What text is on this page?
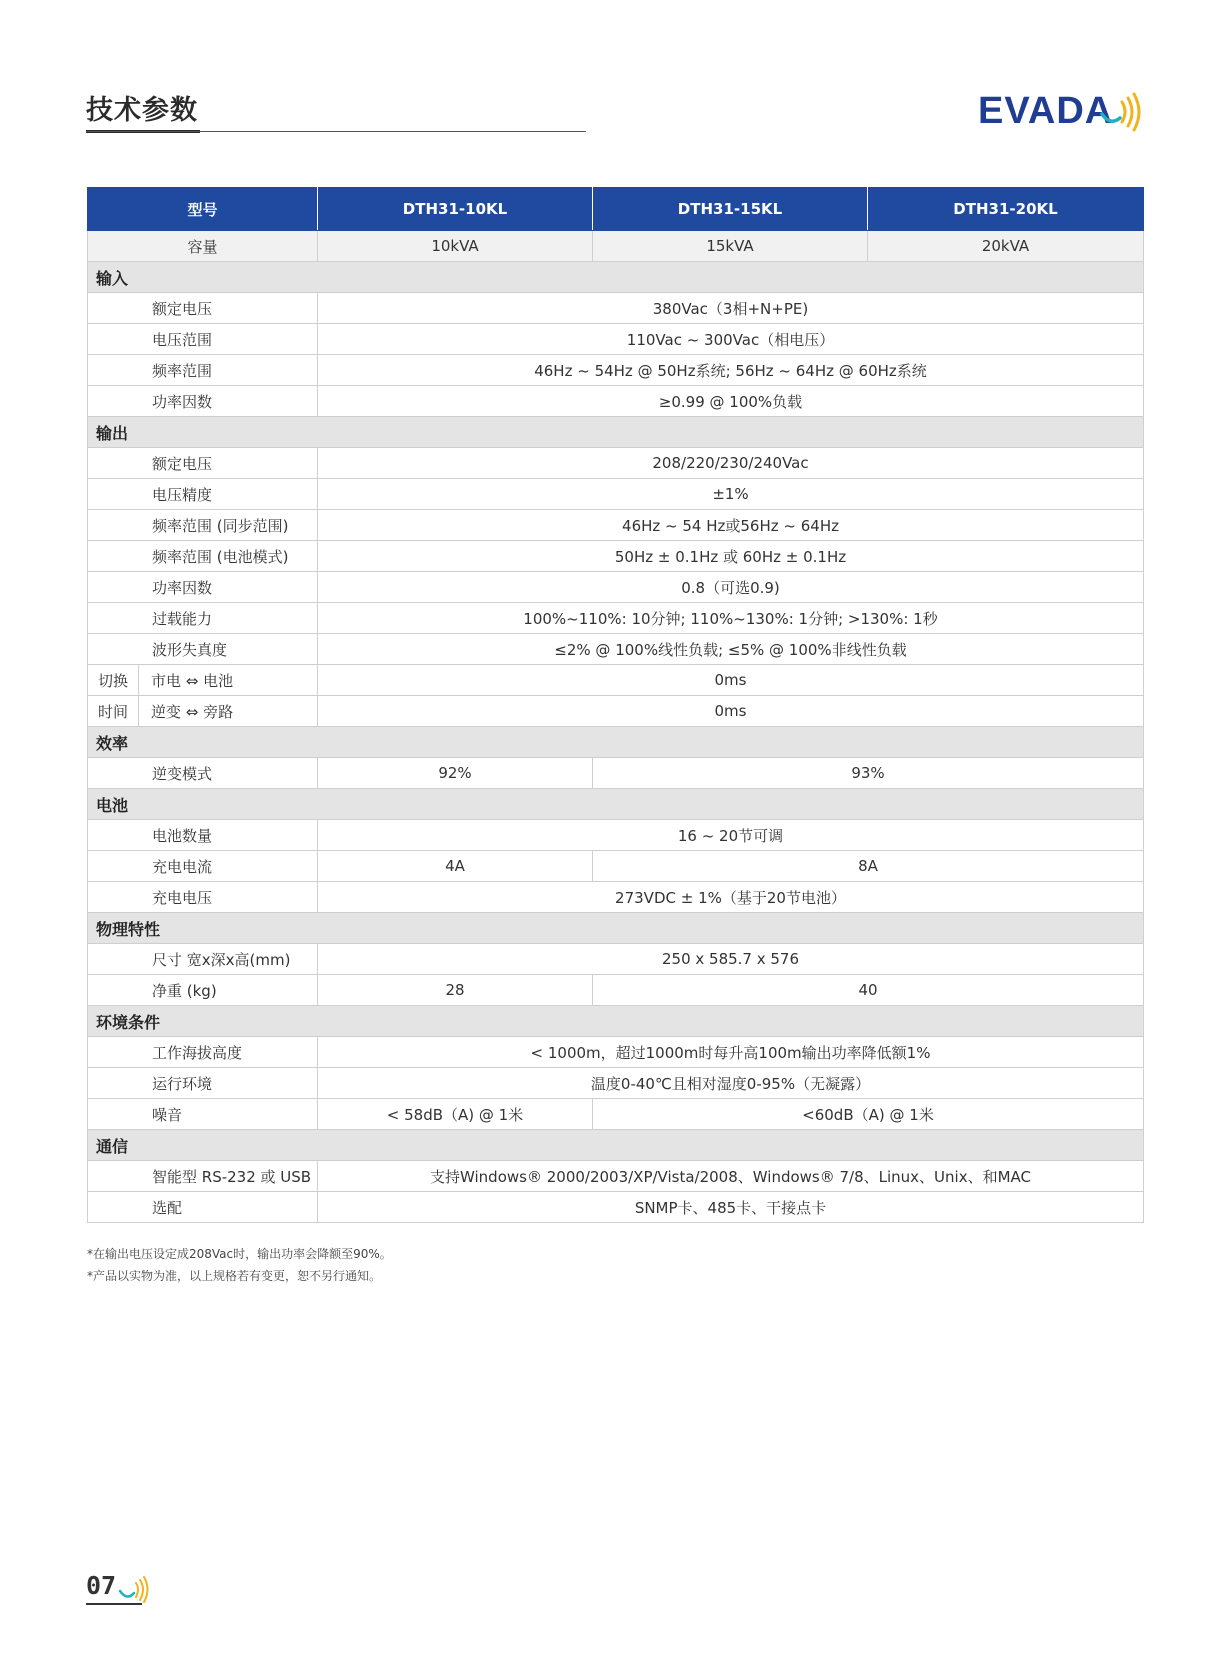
技术参数	EVADA
型号	DTH31-10KL	DTH31-15KL	DTH31-20KL
容量	10kVA	15kVA	20kVA
输入			
额定电压	380Vac（3相+N+PE)		
电压范围	110Vac ~ 300Vac（相电压）		
频率范围	46Hz ~ 54Hz @ 50Hz系统; 56Hz ~ 64Hz @ 60Hz系统		
功率因数	≥0.99 @ 100%负载		
输出			
额定电压	208/220/230/240Vac		
电压精度	±1%		
频率范围 (同步范围)	46Hz ~ 54 Hz或56Hz ~ 64Hz		
频率范围 (电池模式)	50Hz ± 0.1Hz 或 60Hz ± 0.1Hz		
功率因数	0.8（可选0.9)		
过载能力	100%~110%: 10分钟; 110%~130%: 1分钟; >130%: 1秒		
波形失真度	≤2% @ 100%线性负载; ≤5% @ 100%非线性负载		

切换 市电 ⇔ 电池	0ms		

时间 逆变 ⇔ 旁路	0ms		
效率			
逆变模式	92%	93%	
电池			
电池数量	16 ~ 20节可调		
充电电流	4A	8A	
充电电压	273VDC ± 1%（基于20节电池）		
物理特性			
尺寸 宽x深x高(mm)	250 x 585.7 x 576		
净重 (kg)	28	40	
环境条件			
工作海拔高度	< 1000m，超过1000m时每升高100m输出功率降低额1%		
运行环境	温度0-40℃且相对湿度0-95%（无凝露）		
噪音	< 58dB（A) @ 1米	<60dB（A) @ 1米	
通信			
智能型 RS-232 或 USB	支持Windows® 2000/2003/XP/Vista/2008、Windows® 7/8、Linux、Unix、和MAC		
选配	SNMP卡、485卡、干接点卡		
*在输出电压设定成208Vac时，输出功率会降额至90%。
*产品以实物为准，以上规格若有变更，恕不另行通知。
07
